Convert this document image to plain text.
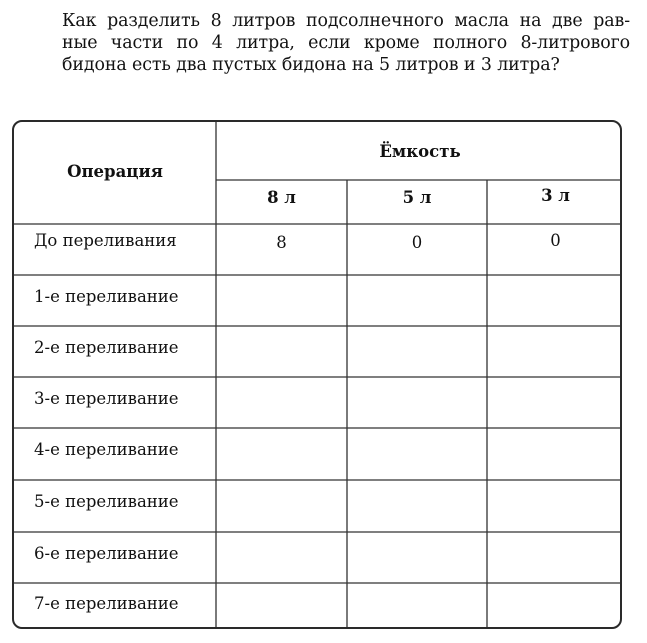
Как разделить 8 литров подсолнечного масла на две рав-
ные части по 4 литра, если кроме полного 8-литрового
бидона есть два пустых бидона на 5 литров и 3 литра?
Операция
Ёмкость
8 л	5 л	3 л
До переливания	8	0	0
1-е переливание
2-е переливание
3-е переливание
4-е переливание
5-е переливание
6-е переливание
7-е переливание
